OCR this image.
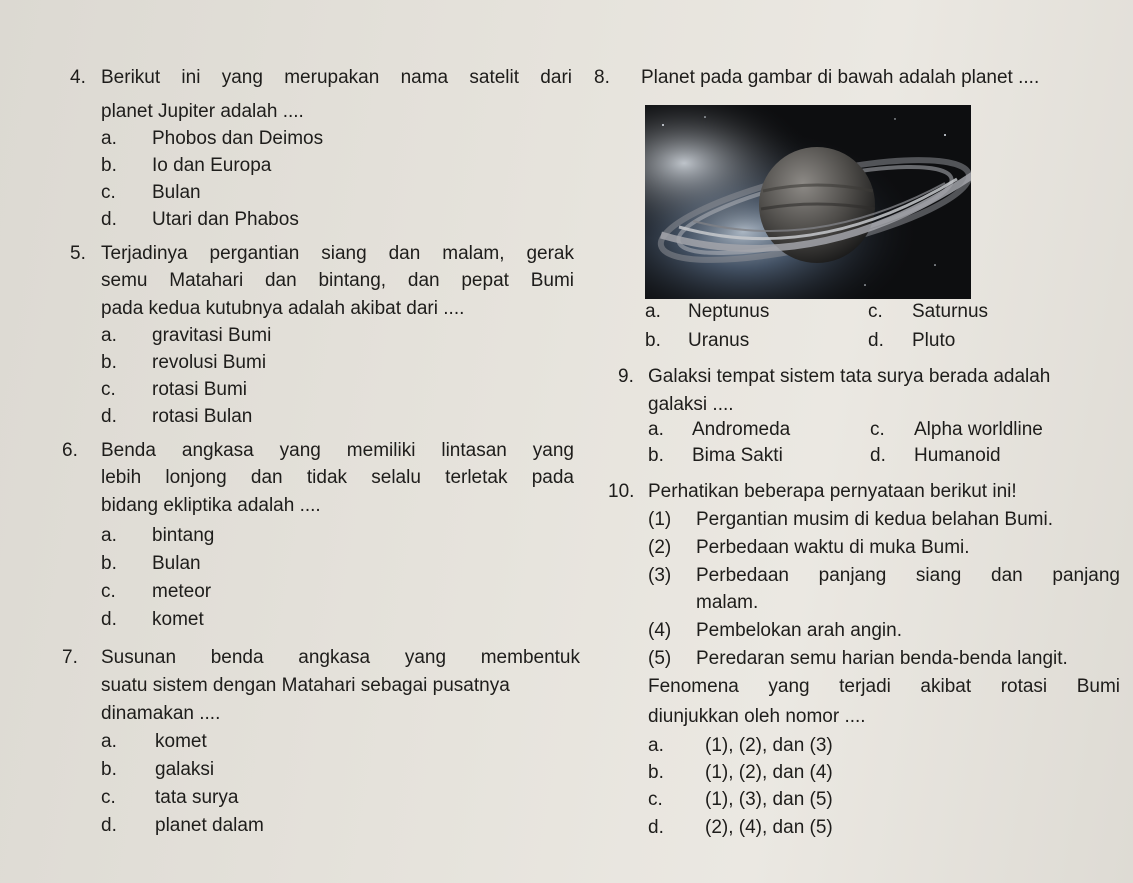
4. Berikut ini yang merupakan nama satelit dari
planet Jupiter adalah ....
a. Phobos dan Deimos
b. Io dan Europa
c. Bulan
d. Utari dan Phabos
5. Terjadinya pergantian siang dan malam, gerak
semu Matahari dan bintang, dan pepat Bumi
pada kedua kutubnya adalah akibat dari ....
a. gravitasi Bumi
b. revolusi Bumi
c. rotasi Bumi
d. rotasi Bulan
6. Benda angkasa yang memiliki lintasan yang
lebih lonjong dan tidak selalu terletak pada
bidang ekliptika adalah ....
a. bintang
b. Bulan
c. meteor
d. komet
7. Susunan benda angkasa yang membentuk
suatu sistem dengan Matahari sebagai pusatnya
dinamakan ....
a. komet
b. galaksi
c. tata surya
d. planet dalam
8. Planet pada gambar di bawah adalah planet ....
a. Neptunus
b. Uranus
c. Saturnus
d. Pluto
9. Galaksi tempat sistem tata surya berada adalah
galaksi ....
a. Andromeda
b. Bima Sakti
c. Alpha worldline
d. Humanoid
10. Perhatikan beberapa pernyataan berikut ini!
(1) Pergantian musim di kedua belahan Bumi.
(2) Perbedaan waktu di muka Bumi.
(3) Perbedaan panjang siang dan panjang
malam.
(4) Pembelokan arah angin.
(5) Peredaran semu harian benda-benda langit.
Fenomena yang terjadi akibat rotasi Bumi
diunjukkan oleh nomor ....
a. (1), (2), dan (3)
b. (1), (2), dan (4)
c. (1), (3), dan (5)
d. (2), (4), dan (5)
